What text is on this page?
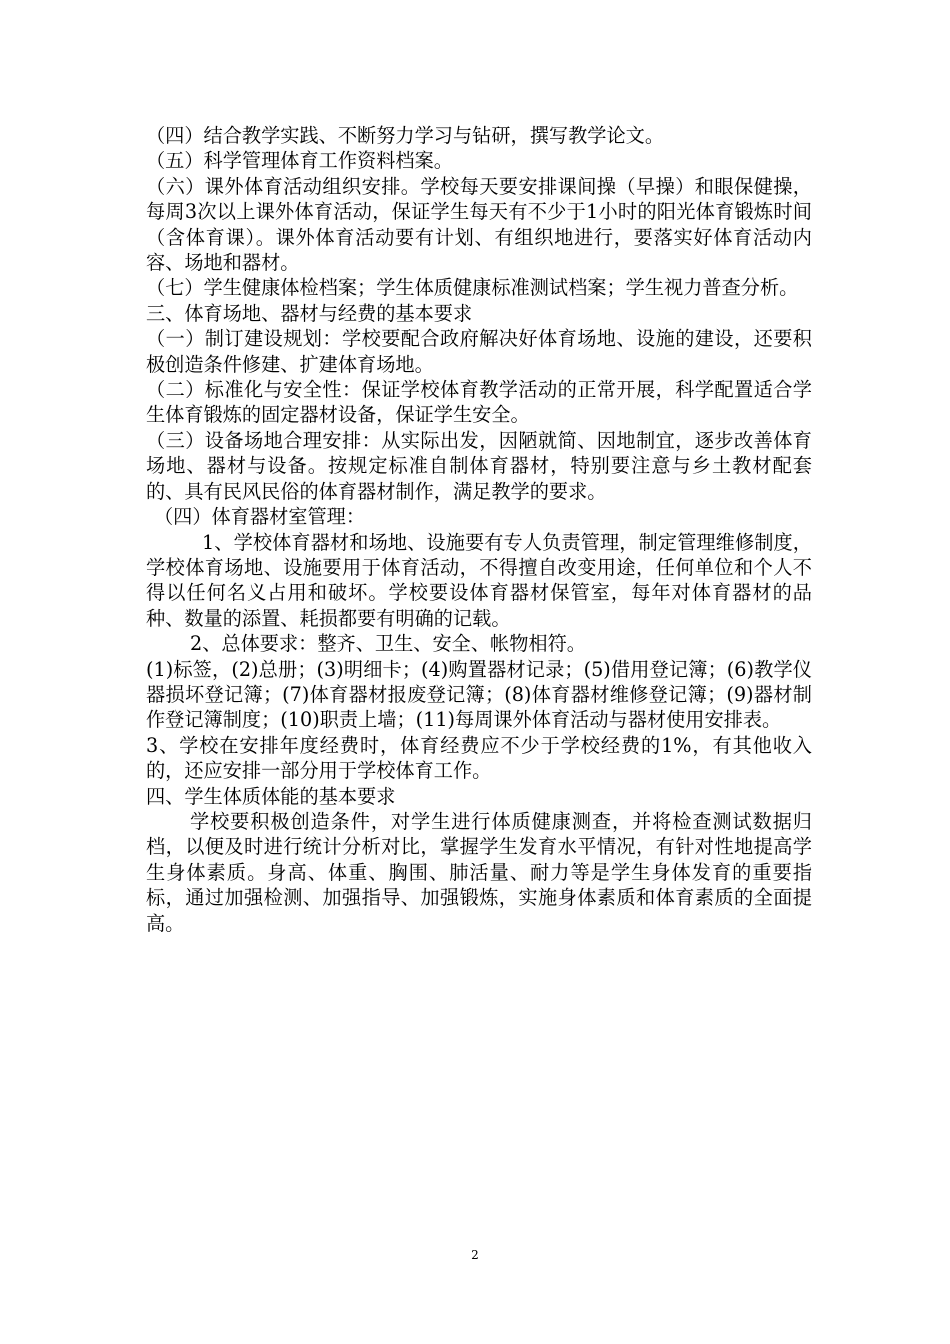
（四）结合教学实践、不断努力学习与钻研，撰写教学论文。

（五）科学管理体育工作资料档案。

（六）课外体育活动组织安排。学校每天要安排课间操（早操）和眼保健操，每周3次以上课外体育活动，保证学生每天有不少于1小时的阳光体育锻炼时间（含体育课）。课外体育活动要有计划、有组织地进行，要落实好体育活动内容、场地和器材。

（七）学生健康体检档案；学生体质健康标准测试档案；学生视力普查分析。

三、体育场地、器材与经费的基本要求

（一）制订建设规划：学校要配合政府解决好体育场地、设施的建设，还要积极创造条件修建、扩建体育场地。

（二）标准化与安全性：保证学校体育教学活动的正常开展，科学配置适合学生体育锻炼的固定器材设备，保证学生安全。

（三）设备场地合理安排：从实际出发，因陋就简、因地制宜，逐步改善体育场地、器材与设备。按规定标准自制体育器材，特别要注意与乡土教材配套的、具有民风民俗的体育器材制作，满足教学的要求。

（四）体育器材室管理：

1、学校体育器材和场地、设施要有专人负责管理，制定管理维修制度，学校体育场地、设施要用于体育活动，不得擅自改变用途，任何单位和个人不得以任何名义占用和破坏。学校要设体育器材保管室，每年对体育器材的品种、数量的添置、耗损都要有明确的记载。

2、总体要求：整齐、卫生、安全、帐物相符。

(1)标签，(2)总册；(3)明细卡；(4)购置器材记录；(5)借用登记簿；(6)教学仪器损坏登记簿；(7)体育器材报废登记簿；(8)体育器材维修登记簿；(9)器材制作登记簿制度；(10)职责上墙；(11)每周课外体育活动与器材使用安排表。

3、学校在安排年度经费时，体育经费应不少于学校经费的1%，有其他收入的，还应安排一部分用于学校体育工作。

四、学生体质体能的基本要求

学校要积极创造条件，对学生进行体质健康测查，并将检查测试数据归档，以便及时进行统计分析对比，掌握学生发育水平情况，有针对性地提高学生身体素质。身高、体重、胸围、肺活量、耐力等是学生身体发育的重要指标，通过加强检测、加强指导、加强锻炼，实施身体素质和体育素质的全面提高。

2
